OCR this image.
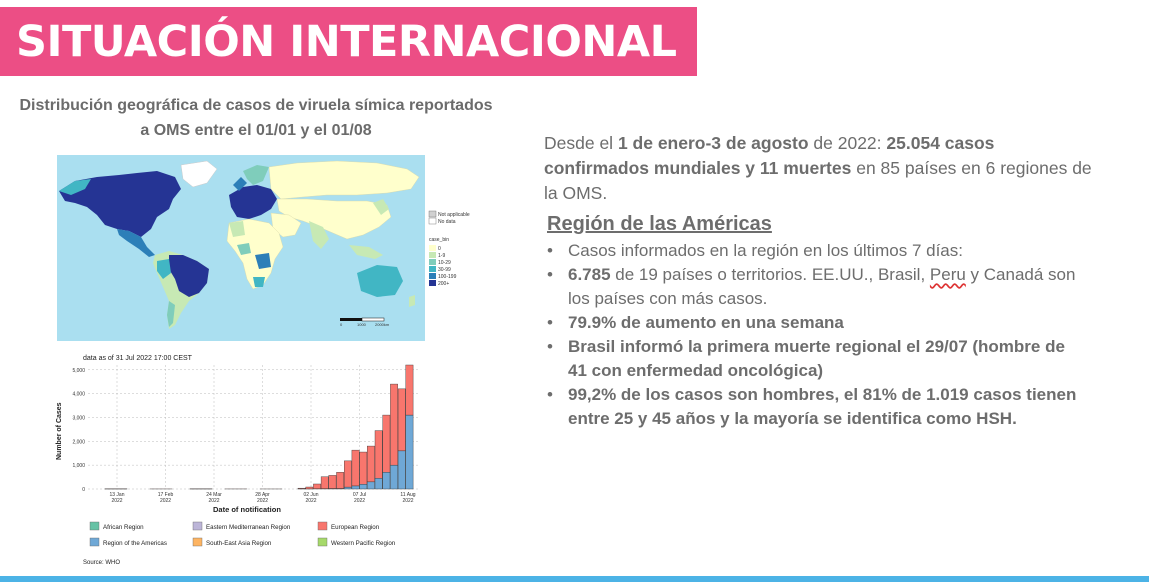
SITUACIÓN INTERNACIONAL

Distribución geográfica de casos de viruela símica reportados
a OMS entre el 01/01 y el 01/08

Not applicable
No data
case_bin
0
1-9
10-29
30-99
100-199
200+
0	1000 2000km
data as of 31 Jul 2022 17:00 CEST
0
1,000
2,000
3,000
4,000
5,000
13 Jan
2022
17 Feb
2022
24 Mar
2022
28 Apr
2022
02 Jun
2022
07 Jul
2022
11 Aug
2022
Number of Cases
Date of notification
African Region	Eastern Mediterranean Region	European Region
Region of the Americas	South-East Asia Region	Western Pacific Region
Source: WHO

Desde el 1 de enero-3 de agosto de 2022: 25.054 casos confirmados mundiales y 11 muertes en 85 países en 6 regiones de la OMS.

Región de las Américas
• Casos informados en la región en los últimos 7 días:
• 6.785 de 19 países o territorios. EE.UU., Brasil, Peru y Canadá son los países con más casos.
• 79.9% de aumento en una semana
• Brasil informó la primera muerte regional el 29/07 (hombre de 41 con enfermedad oncológica)
• 99,2% de los casos son hombres, el 81% de 1.019 casos tienen entre 25 y 45 años y la mayoría se identifica como HSH.
